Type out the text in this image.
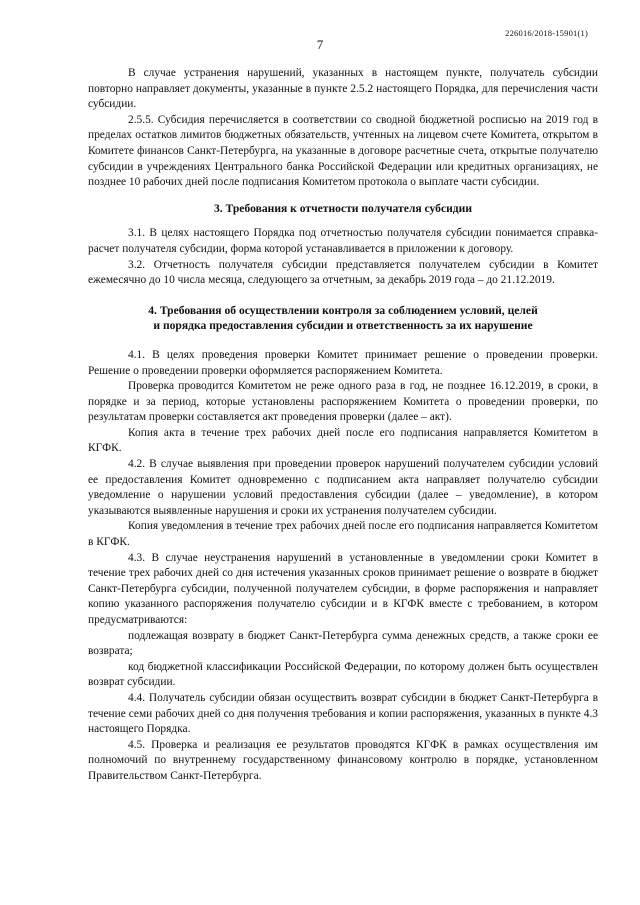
226016/2018-15901(1)
7

В случае устранения нарушений, указанных в настоящем пункте, получатель субсидии повторно направляет документы, указанные в пункте 2.5.2 настоящего Порядка, для перечисления части субсидии.

2.5.5. Субсидия перечисляется в соответствии со сводной бюджетной росписью на 2019 год в пределах остатков лимитов бюджетных обязательств, учтенных на лицевом счете Комитета, открытом в Комитете финансов Санкт-Петербурга, на указанные в договоре расчетные счета, открытые получателю субсидии в учреждениях Центрального банка Российской Федерации или кредитных организациях, не позднее 10 рабочих дней после подписания Комитетом протокола о выплате части субсидии.

3. Требования к отчетности получателя субсидии

3.1. В целях настоящего Порядка под отчетностью получателя субсидии понимается справка-расчет получателя субсидии, форма которой устанавливается в приложении к договору.

3.2. Отчетность получателя субсидии представляется получателем субсидии в Комитет ежемесячно до 10 числа месяца, следующего за отчетным, за декабрь 2019 года – до 21.12.2019.

4. Требования об осуществлении контроля за соблюдением условий, целей
и порядка предоставления субсидии и ответственность за их нарушение

4.1. В целях проведения проверки Комитет принимает решение о проведении проверки. Решение о проведении проверки оформляется распоряжением Комитета.

Проверка проводится Комитетом не реже одного раза в год, не позднее 16.12.2019, в сроки, в порядке и за период, которые установлены распоряжением Комитета о проведении проверки, по результатам проверки составляется акт проведения проверки (далее – акт).

Копия акта в течение трех рабочих дней после его подписания направляется Комитетом в КГФК.

4.2. В случае выявления при проведении проверок нарушений получателем субсидии условий ее предоставления Комитет одновременно с подписанием акта направляет получателю субсидии уведомление о нарушении условий предоставления субсидии (далее – уведомление), в котором указываются выявленные нарушения и сроки их устранения получателем субсидии.

Копия уведомления в течение трех рабочих дней после его подписания направляется Комитетом в КГФК.

4.3. В случае неустранения нарушений в установленные в уведомлении сроки Комитет в течение трех рабочих дней со дня истечения указанных сроков принимает решение о возврате в бюджет Санкт-Петербурга субсидии, полученной получателем субсидии, в форме распоряжения и направляет копию указанного распоряжения получателю субсидии и в КГФК вместе с требованием, в котором предусматриваются:

подлежащая возврату в бюджет Санкт-Петербурга сумма денежных средств, а также сроки ее возврата;

код бюджетной классификации Российской Федерации, по которому должен быть осуществлен возврат субсидии.

4.4. Получатель субсидии обязан осуществить возврат субсидии в бюджет Санкт-Петербурга в течение семи рабочих дней со дня получения требования и копии распоряжения, указанных в пункте 4.3 настоящего Порядка.

4.5. Проверка и реализация ее результатов проводятся КГФК в рамках осуществления им полномочий по внутреннему государственному финансовому контролю в порядке, установленном Правительством Санкт-Петербурга.
